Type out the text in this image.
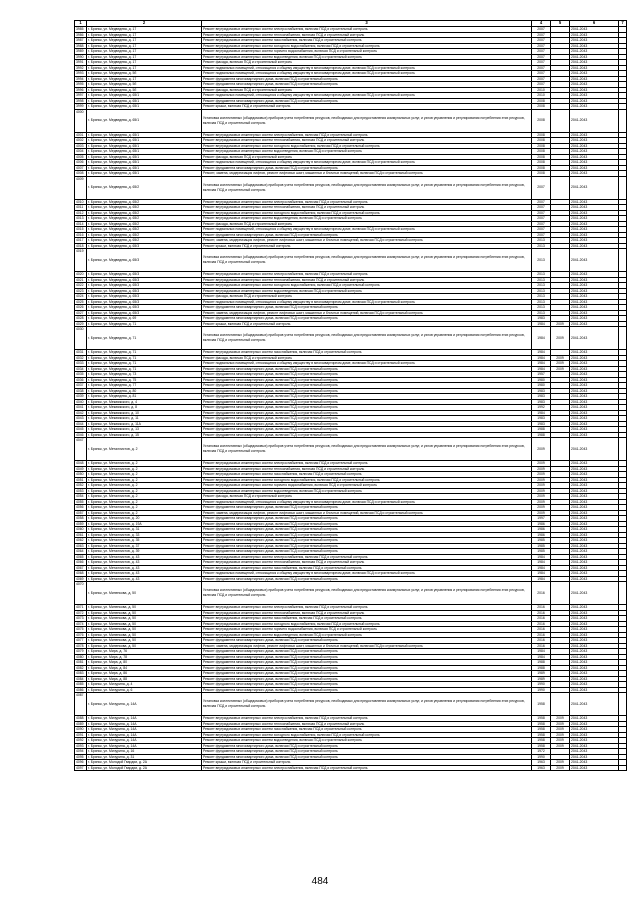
1	2	3	4	5	6	7
3985	г. Брянск, ул. Медведева, д. 17	Ремонт внутридомовых инженерных систем электроснабжения, включая ПСД и строительный контроль	2007		2041-2043	
3986	г. Брянск, ул. Медведева, д. 17	Ремонт внутридомовых инженерных систем теплоснабжения, включая ПСД и строительный контроль	2007		2041-2043	
3987	г. Брянск, ул. Медведева, д. 17	Ремонт внутридомовых инженерных систем газоснабжения, включая ПСД и строительный контроль	2007		2041-2043	
3988	г. Брянск, ул. Медведева, д. 17	Ремонт внутридомовых инженерных систем холодного водоснабжения, включая ПСД и строительный контроль	2007		2041-2043	
3989	г. Брянск, ул. Медведева, д. 17	Ремонт внутридомовых инженерных систем горячего водоснабжения, включая ПСД и строительный контроль	2007		2041-2043	
3990	г. Брянск, ул. Медведева, д. 17	Ремонт внутридомовых инженерных систем водоотведения, включая ПСД и строительный контроль	2007		2041-2043	
3991	г. Брянск, ул. Медведева, д. 17	Ремонт фасада, включая ПСД и строительный контроль	2007		2041-2043	
3992	г. Брянск, ул. Медведева, д. 17	Ремонт подвальных помещений, относящихся к общему имуществу в многоквартирном доме, включая ПСД и строительный контроль	2007		2041-2043	
3993	г. Брянск, ул. Медведева, д. 5б	Ремонт подвальных помещений, относящихся к общему имуществу в многоквартирном доме, включая ПСД и строительный контроль	2007		2041-2043	
3994	г. Брянск, ул. Медведева, д. 17	Ремонт фундамента многоквартирного дома, включая ПСД и строительный контроль	2007		2041-2043	
3995	г. Брянск, ул. Медведева, д. 5б	Ремонт фундамента многоквартирного дома, включая ПСД и строительный контроль	2007		2041-2043	
3996	г. Брянск, ул. Медведева, д. 5б	Ремонт фасада, включая ПСД и строительный контроль	2010		2041-2043	
3997	г. Брянск, ул. Медведева, д. 65/1	Ремонт подвальных помещений, относящихся к общему имуществу в многоквартирном доме, включая ПСД и строительный контроль	2010		2041-2043	
3998	г. Брянск, ул. Медведева, д. 65/1	Ремонт фундамента многоквартирного дома, включая ПСД и строительный контроль	2008		2041-2043	
3999	г. Брянск, ул. Медведева, д. 65/1	Ремонт крыши, включая ПСД и строительный контроль	2008		2041-2043	
4000	г. Брянск, ул. Медведева, д. 65/1	Установка коллективных (общедомовых) приборов учета потребления ресурсов, необходимых для предоставления коммунальных услуг, и узлов управления и регулирования потребления этих ресурсов, включая ПСД и строительный контроль	2008		2041-2043	
4001	г. Брянск, ул. Медведева, д. 65/1	Ремонт внутридомовых инженерных систем электроснабжения, включая ПСД и строительный контроль	2008		2041-2043	
4002	г. Брянск, ул. Медведева, д. 65/1	Ремонт внутридомовых инженерных систем теплоснабжения, включая ПСД и строительный контроль	2008		2041-2043	
4003	г. Брянск, ул. Медведева, д. 65/1	Ремонт внутридомовых инженерных систем холодного водоснабжения, включая ПСД и строительный контроль	2008		2041-2043	
4004	г. Брянск, ул. Медведева, д. 65/1	Ремонт внутридомовых инженерных систем водоотведения, включая ПСД и строительный контроль	2008		2041-2043	
4005	г. Брянск, ул. Медведева, д. 65/1	Ремонт фасада, включая ПСД и строительный контроль	2008		2041-2043	
4006	г. Брянск, ул. Медведева, д. 65/1	Ремонт подвальных помещений, относящихся к общему имуществу в многоквартирном доме, включая ПСД и строительный контроль	2008		2041-2043	
4007	г. Брянск, ул. Медведева, д. 65/1	Ремонт фундамента многоквартирного дома, включая ПСД и строительный контроль	2008		2041-2043	
4008	г. Брянск, ул. Медведева, д. 65/1	Ремонт, замена, модернизация лифтов, ремонт лифтовых шахт, машинных и блочных помещений, включая ПСД и строительный контроль	2008		2041-2043	
4009	г. Брянск, ул. Медведева, д. 65/2	Установка коллективных (общедомовых) приборов учета потребления ресурсов, необходимых для предоставления коммунальных услуг, и узлов управления и регулирования потребления этих ресурсов, включая ПСД и строительный контроль	2007		2041-2043	
4010	г. Брянск, ул. Медведева, д. 65/2	Ремонт внутридомовых инженерных систем электроснабжения, включая ПСД и строительный контроль	2007		2041-2043	
4011	г. Брянск, ул. Медведева, д. 65/2	Ремонт внутридомовых инженерных систем теплоснабжения, включая ПСД и строительный контроль	2007		2041-2043	
4012	г. Брянск, ул. Медведева, д. 65/2	Ремонт внутридомовых инженерных систем холодного водоснабжения, включая ПСД и строительный контроль	2007		2041-2043	
4013	г. Брянск, ул. Медведева, д. 65/2	Ремонт внутридомовых инженерных систем водоотведения, включая ПСД и строительный контроль	2007		2041-2043	
4014	г. Брянск, ул. Медведева, д. 65/2	Ремонт фасада, включая ПСД и строительный контроль	2007		2041-2043	
4015	г. Брянск, ул. Медведева, д. 65/2	Ремонт подвальных помещений, относящихся к общему имуществу в многоквартирном доме, включая ПСД и строительный контроль	2007		2041-2043	
4016	г. Брянск, ул. Медведева, д. 65/2	Ремонт фундамента многоквартирного дома, включая ПСД и строительный контроль	2007		2041-2043	
4017	г. Брянск, ул. Медведева, д. 65/2	Ремонт, замена, модернизация лифтов, ремонт лифтовых шахт, машинных и блочных помещений, включая ПСД и строительный контроль	2013		2041-2043	
4018	г. Брянск, ул. Медведева, д. 65/3	Ремонт крыши, включая ПСД и строительный контроль	2013		2041-2043	
4019	г. Брянск, ул. Медведева, д. 65/3	Установка коллективных (общедомовых) приборов учета потребления ресурсов, необходимых для предоставления коммунальных услуг, и узлов управления и регулирования потребления этих ресурсов, включая ПСД и строительный контроль	2013		2041-2043	
4020	г. Брянск, ул. Медведева, д. 65/3	Ремонт внутридомовых инженерных систем электроснабжения, включая ПСД и строительный контроль	2013		2041-2043	
4021	г. Брянск, ул. Медведева, д. 65/3	Ремонт внутридомовых инженерных систем теплоснабжения, включая ПСД и строительный контроль	2013		2041-2043	
4022	г. Брянск, ул. Медведева, д. 65/3	Ремонт внутридомовых инженерных систем холодного водоснабжения, включая ПСД и строительный контроль	2013		2041-2043	
4023	г. Брянск, ул. Медведева, д. 65/3	Ремонт внутридомовых инженерных систем водоотведения, включая ПСД и строительный контроль	2013		2041-2043	
4024	г. Брянск, ул. Медведева, д. 65/3	Ремонт фасада, включая ПСД и строительный контроль	2013		2041-2043	
4025	г. Брянск, ул. Медведева, д. 65/3	Ремонт подвальных помещений, относящихся к общему имуществу в многоквартирном доме, включая ПСД и строительный контроль	2013		2041-2043	
4026	г. Брянск, ул. Медведева, д. 65/3	Ремонт фундамента многоквартирного дома, включая ПСД и строительный контроль	2013		2041-2043	
4027	г. Брянск, ул. Медведева, д. 65/3	Ремонт, замена, модернизация лифтов, ремонт лифтовых шахт, машинных и блочных помещений, включая ПСД и строительный контроль	2013		2041-2043	
4028	г. Брянск, ул. Медведева, д. 69	Ремонт фундамента многоквартирного дома, включая ПСД и строительный контроль	1983		2041-2043	
4029	г. Брянск, ул. Медведева, д. 71	Ремонт крыши, включая ПСД и строительный контроль	1984	2009	2041-2043	
4030	г. Брянск, ул. Медведева, д. 71	Установка коллективных (общедомовых) приборов учета потребления ресурсов, необходимых для предоставления коммунальных услуг, и узлов управления и регулирования потребления этих ресурсов, включая ПСД и строительный контроль	1984	2009	2041-2043	
4031	г. Брянск, ул. Медведева, д. 71	Ремонт внутридомовых инженерных систем газоснабжения, включая ПСД и строительный контроль	1984		2041-2043	
4032	г. Брянск, ул. Медведева, д. 71	Ремонт фасада, включая ПСД и строительный контроль	1984	2009	2041-2043	
4033	г. Брянск, ул. Медведева, д. 71	Ремонт подвальных помещений, относящихся к общему имуществу в многоквартирном доме, включая ПСД и строительный контроль	1984	2009	2041-2043	
4034	г. Брянск, ул. Медведева, д. 71	Ремонт фундамента многоквартирного дома, включая ПСД и строительный контроль	1984	2009	2041-2043	
4035	г. Брянск, ул. Медведева, д. 73	Ремонт фундамента многоквартирного дома, включая ПСД и строительный контроль	1957		2041-2043	
4036	г. Брянск, ул. Медведева, д. 75	Ремонт фундамента многоквартирного дома, включая ПСД и строительный контроль	1980		2041-2043	
4037	г. Брянск, ул. Медведева, д. 77	Ремонт фундамента многоквартирного дома, включая ПСД и строительный контроль	1980		2041-2043	
4038	г. Брянск, ул. Медведева, д. 80	Ремонт фундамента многоквартирного дома, включая ПСД и строительный контроль	1983		2041-2043	
4039	г. Брянск, ул. Медведева, д. 81	Ремонт фундамента многоквартирного дома, включая ПСД и строительный контроль	1983		2041-2043	
4040	г. Брянск, ул. Межвикского, д. 4	Ремонт фундамента многоквартирного дома, включая ПСД и строительный контроль	1983		2041-2043	
4041	г. Брянск, ул. Межвикского, д. 8	Ремонт фундамента многоквартирного дома, включая ПСД и строительный контроль	1992		2041-2043	
4042	г. Брянск, ул. Межвикского, д. 10	Ремонт фундамента многоквартирного дома, включая ПСД и строительный контроль	1984		2041-2043	
4043	г. Брянск, ул. Межвикского, д. 11	Ремонт фундамента многоквартирного дома, включая ПСД и строительный контроль	1983		2041-2043	
4044	г. Брянск, ул. Межвикского, д. 11А	Ремонт фундамента многоквартирного дома, включая ПСД и строительный контроль	1983		2041-2043	
4045	г. Брянск, ул. Межвикского, д. 13	Ремонт фундамента многоквартирного дома, включая ПСД и строительный контроль	1988		2041-2043	
4046	г. Брянск, ул. Межвикского, д. 15	Ремонт фундамента многоквартирного дома, включая ПСД и строительный контроль	1988		2041-2043	
4047	г. Брянск, ул. Металлистов, д. 2	Установка коллективных (общедомовых) приборов учета потребления ресурсов, необходимых для предоставления коммунальных услуг, и узлов управления и регулирования потребления этих ресурсов, включая ПСД и строительный контроль	2009		2041-2043	
4048	г. Брянск, ул. Металлистов, д. 2	Ремонт внутридомовых инженерных систем электроснабжения, включая ПСД и строительный контроль	2009		2041-2043	
4049	г. Брянск, ул. Металлистов, д. 2	Ремонт внутридомовых инженерных систем теплоснабжения, включая ПСД и строительный контроль	2009		2041-2043	
4050	г. Брянск, ул. Металлистов, д. 2	Ремонт внутридомовых инженерных систем газоснабжения, включая ПСД и строительный контроль	2009		2041-2043	
4051	г. Брянск, ул. Металлистов, д. 2	Ремонт внутридомовых инженерных систем холодного водоснабжения, включая ПСД и строительный контроль	2009		2041-2043	
4052	г. Брянск, ул. Металлистов, д. 2	Ремонт внутридомовых инженерных систем горячего водоснабжения, включая ПСД и строительный контроль	2009		2041-2043	
4053	г. Брянск, ул. Металлистов, д. 2	Ремонт внутридомовых инженерных систем водоотведения, включая ПСД и строительный контроль	2009		2041-2043	
4054	г. Брянск, ул. Металлистов, д. 2	Ремонт фасада, включая ПСД и строительный контроль	2009		2041-2043	
4055	г. Брянск, ул. Металлистов, д. 2	Ремонт подвальных помещений, относящихся к общему имуществу в многоквартирном доме, включая ПСД и строительный контроль	2009		2041-2043	
4056	г. Брянск, ул. Металлистов, д. 2	Ремонт фундамента многоквартирного дома, включая ПСД и строительный контроль	2009		2041-2043	
4057	г. Брянск, ул. Металлистов, д. 2	Ремонт, замена, модернизация лифтов, ремонт лифтовых шахт, машинных и блочных помещений, включая ПСД и строительный контроль	2009		2041-2043	
4058	г. Брянск, ул. Металлистов, д. 20	Ремонт фундамента многоквартирного дома, включая ПСД и строительный контроль	1997		2041-2043	
4059	г. Брянск, ул. Металлистов, д. 19А	Ремонт фундамента многоквартирного дома, включая ПСД и строительный контроль	1986		2041-2043	
4060	г. Брянск, ул. Металлистов, д. 31	Ремонт фундамента многоквартирного дома, включая ПСД и строительный контроль	1986		2041-2043	
4061	г. Брянск, ул. Металлистов, д. 33	Ремонт фундамента многоквартирного дома, включая ПСД и строительный контроль	1986		2041-2043	
4062	г. Брянск, ул. Металлистов, д. 35	Ремонт фундамента многоквартирного дома, включая ПСД и строительный контроль	1985		2041-2043	
4063	г. Брянск, ул. Металлистов, д. 37	Ремонт фундамента многоквартирного дома, включая ПСД и строительный контроль	1985		2041-2043	
4064	г. Брянск, ул. Металлистов, д. 39	Ремонт фундамента многоквартирного дома, включая ПСД и строительный контроль	1985		2041-2043	
4065	г. Брянск, ул. Металлистов, д. 43	Ремонт внутридомовых инженерных систем электроснабжения, включая ПСД и строительный контроль	1984		2041-2043	
4066	г. Брянск, ул. Металлистов, д. 43	Ремонт внутридомовых инженерных систем теплоснабжения, включая ПСД и строительный контроль	1984		2041-2043	
4067	г. Брянск, ул. Металлистов, д. 43	Ремонт внутридомовых инженерных систем газоснабжения, включая ПСД и строительный контроль	1984		2041-2043	
4068	г. Брянск, ул. Металлистов, д. 43	Ремонт подвальных помещений, относящихся к общему имуществу в многоквартирном доме, включая ПСД и строительный контроль	1984		2041-2043	
4069	г. Брянск, ул. Металлистов, д. 43	Ремонт фундамента многоквартирного дома, включая ПСД и строительный контроль	1984		2041-2043	
4070	г. Брянск, ул. Миненкова, д. 50	Установка коллективных (общедомовых) приборов учета потребления ресурсов, необходимых для предоставления коммунальных услуг, и узлов управления и регулирования потребления этих ресурсов, включая ПСД и строительный контроль	2016		2041-2043	
4071	г. Брянск, ул. Миненкова, д. 50	Ремонт внутридомовых инженерных систем электроснабжения, включая ПСД и строительный контроль	2016		2041-2043	
4072	г. Брянск, ул. Миненкова, д. 50	Ремонт внутридомовых инженерных систем теплоснабжения, включая ПСД и строительный контроль	2016		2041-2043	
4073	г. Брянск, ул. Миненкова, д. 50	Ремонт внутридомовых инженерных систем газоснабжения, включая ПСД и строительный контроль	2016		2041-2043	
4074	г. Брянск, ул. Миненкова, д. 50	Ремонт внутридомовых инженерных систем холодного водоснабжения, включая ПСД и строительный контроль	2016		2041-2043	
4075	г. Брянск, ул. Миненкова, д. 50	Ремонт внутридомовых инженерных систем горячего водоснабжения, включая ПСД и строительный контроль	2016		2041-2043	
4076	г. Брянск, ул. Миненкова, д. 50	Ремонт внутридомовых инженерных систем водоотведения, включая ПСД и строительный контроль	2016		2041-2043	
4077	г. Брянск, ул. Миненкова, д. 50	Ремонт фундамента многоквартирного дома, включая ПСД и строительный контроль	2016		2041-2043	
4078	г. Брянск, ул. Миненкова, д. 50	Ремонт, замена, модернизация лифтов, ремонт лифтовых шахт, машинных и блочных помещений, включая ПСД и строительный контроль	2016		2041-2043	
4079	г. Брянск, ул. Мира, д. 76	Ремонт фундамента многоквартирного дома, включая ПСД и строительный контроль	1984		2041-2043	
4080	г. Брянск, ул. Мира, д. 78	Ремонт фундамента многоквартирного дома, включая ПСД и строительный контроль	1984		2041-2043	
4081	г. Брянск, ул. Мира, д. 80	Ремонт фундамента многоквартирного дома, включая ПСД и строительный контроль	1988		2041-2043	
4082	г. Брянск, ул. Мира, д. 84	Ремонт фундамента многоквартирного дома, включая ПСД и строительный контроль	1988		2041-2043	
4083	г. Брянск, ул. Мира, д. 86	Ремонт фундамента многоквартирного дома, включая ПСД и строительный контроль	1989		2041-2043	
4084	г. Брянск, ул. Мира, д. 88	Ремонт фундамента многоквартирного дома, включая ПСД и строительный контроль	1989		2041-2043	
4085	г. Брянск, ул. Мичурина, д. 4	Ремонт фундамента многоквартирного дома, включая ПСД и строительный контроль	1990		2041-2043	
4086	г. Брянск, ул. Мичурина, д. 6	Ремонт фундамента многоквартирного дома, включая ПСД и строительный контроль	1990		2041-2043	
4087	г. Брянск, ул. Мичурина, д. 14А	Установка коллективных (общедомовых) приборов учета потребления ресурсов, необходимых для предоставления коммунальных услуг, и узлов управления и регулирования потребления этих ресурсов, включая ПСД и строительный контроль	1958		2041-2043	
4088	г. Брянск, ул. Мичурина, д. 14А	Ремонт внутридомовых инженерных систем электроснабжения, включая ПСД и строительный контроль	1958	2009	2041-2043	
4089	г. Брянск, ул. Мичурина, д. 14А	Ремонт внутридомовых инженерных систем теплоснабжения, включая ПСД и строительный контроль	1958	2009	2041-2043	
4090	г. Брянск, ул. Мичурина, д. 14А	Ремонт внутридомовых инженерных систем газоснабжения, включая ПСД и строительный контроль	1958	2009	2041-2043	
4091	г. Брянск, ул. Мичурина, д. 14А	Ремонт внутридомовых инженерных систем холодного водоснабжения, включая ПСД и строительный контроль	1958	2009	2041-2043	
4092	г. Брянск, ул. Мичурина, д. 14А	Ремонт внутридомовых инженерных систем водоотведения, включая ПСД и строительный контроль	1958	2009	2041-2043	
4093	г. Брянск, ул. Мичурина, д. 14А	Ремонт фундамента многоквартирного дома, включая ПСД и строительный контроль	1958	2009	2041-2043	
4094	г. Брянск, ул. Мичурина, д. 16	Ремонт фундамента многоквартирного дома, включая ПСД и строительный контроль	1972		2041-2043	
4095	г. Брянск, ул. Мичурина, д. 31	Ремонт фундамента многоквартирного дома, включая ПСД и строительный контроль	1990		2041-2043	
4096	г. Брянск, ул. Молодой Гвардии, д. 2А	Ремонт крыши, включая ПСД и строительный контроль	1963	2009	2041-2043	
4097	г. Брянск, ул. Молодой Гвардии, д. 2А	Ремонт внутридомовых инженерных систем электроснабжения, включая ПСД и строительный контроль	1963	2009	2041-2043	
484
